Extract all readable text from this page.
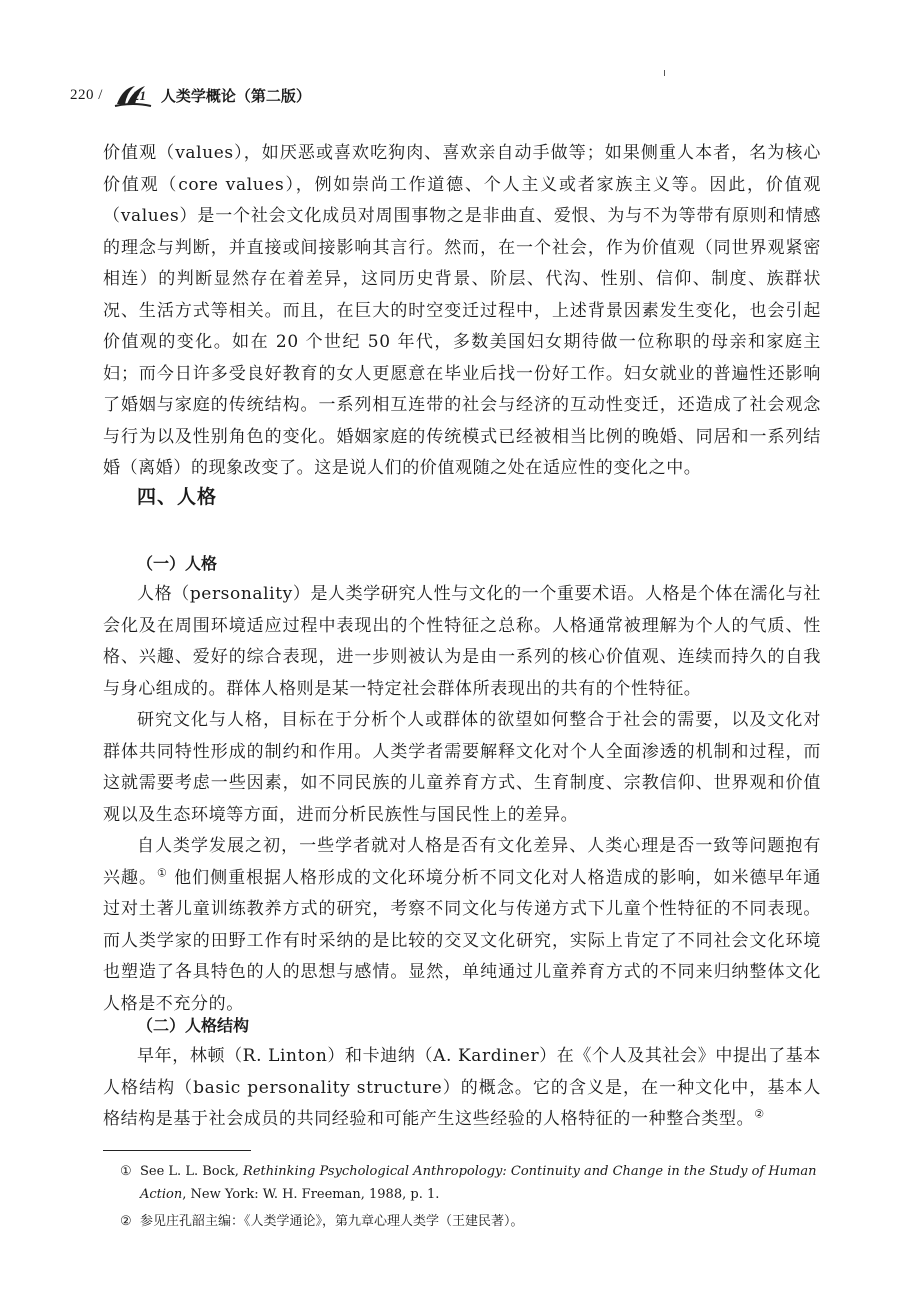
220 / 21 人类学概论（第二版）

价值观（values），如厌恶或喜欢吃狗肉、喜欢亲自动手做等；如果侧重人本者，名为核心价值观（core values），例如崇尚工作道德、个人主义或者家族主义等。因此，价值观（values）是一个社会文化成员对周围事物之是非曲直、爱恨、为与不为等带有原则和情感的理念与判断，并直接或间接影响其言行。然而，在一个社会，作为价值观（同世界观紧密相连）的判断显然存在着差异，这同历史背景、阶层、代沟、性别、信仰、制度、族群状况、生活方式等相关。而且，在巨大的时空变迁过程中，上述背景因素发生变化，也会引起价值观的变化。如在 20 个世纪 50 年代，多数美国妇女期待做一位称职的母亲和家庭主妇；而今日许多受良好教育的女人更愿意在毕业后找一份好工作。妇女就业的普遍性还影响了婚姻与家庭的传统结构。一系列相互连带的社会与经济的互动性变迁，还造成了社会观念与行为以及性别角色的变化。婚姻家庭的传统模式已经被相当比例的晚婚、同居和一系列结婚（离婚）的现象改变了。这是说人们的价值观随之处在适应性的变化之中。

四、人格
（一）人格

人格（personality）是人类学研究人性与文化的一个重要术语。人格是个体在濡化与社会化及在周围环境适应过程中表现出的个性特征之总称。人格通常被理解为个人的气质、性格、兴趣、爱好的综合表现，进一步则被认为是由一系列的核心价值观、连续而持久的自我与身心组成的。群体人格则是某一特定社会群体所表现出的共有的个性特征。

研究文化与人格，目标在于分析个人或群体的欲望如何整合于社会的需要，以及文化对群体共同特性形成的制约和作用。人类学者需要解释文化对个人全面渗透的机制和过程，而这就需要考虑一些因素，如不同民族的儿童养育方式、生育制度、宗教信仰、世界观和价值观以及生态环境等方面，进而分析民族性与国民性上的差异。

自人类学发展之初，一些学者就对人格是否有文化差异、人类心理是否一致等问题抱有兴趣。① 他们侧重根据人格形成的文化环境分析不同文化对人格造成的影响，如米德早年通过对土著儿童训练教养方式的研究，考察不同文化与传递方式下儿童个性特征的不同表现。而人类学家的田野工作有时采纳的是比较的交叉文化研究，实际上肯定了不同社会文化环境也塑造了各具特色的人的思想与感情。显然，单纯通过儿童养育方式的不同来归纳整体文化人格是不充分的。

（二）人格结构

早年，林顿（R. Linton）和卡迪纳（A. Kardiner）在《个人及其社会》中提出了基本人格结构（basic personality structure）的概念。它的含义是，在一种文化中，基本人格结构是基于社会成员的共同经验和可能产生这些经验的人格特征的一种整合类型。②

① See L. L. Bock, Rethinking Psychological Anthropology: Continuity and Change in the Study of Human Action, New York: W. H. Freeman, 1988, p. 1.

② 参见庄孔韶主编：《人类学通论》，第九章心理人类学（王建民著）。
